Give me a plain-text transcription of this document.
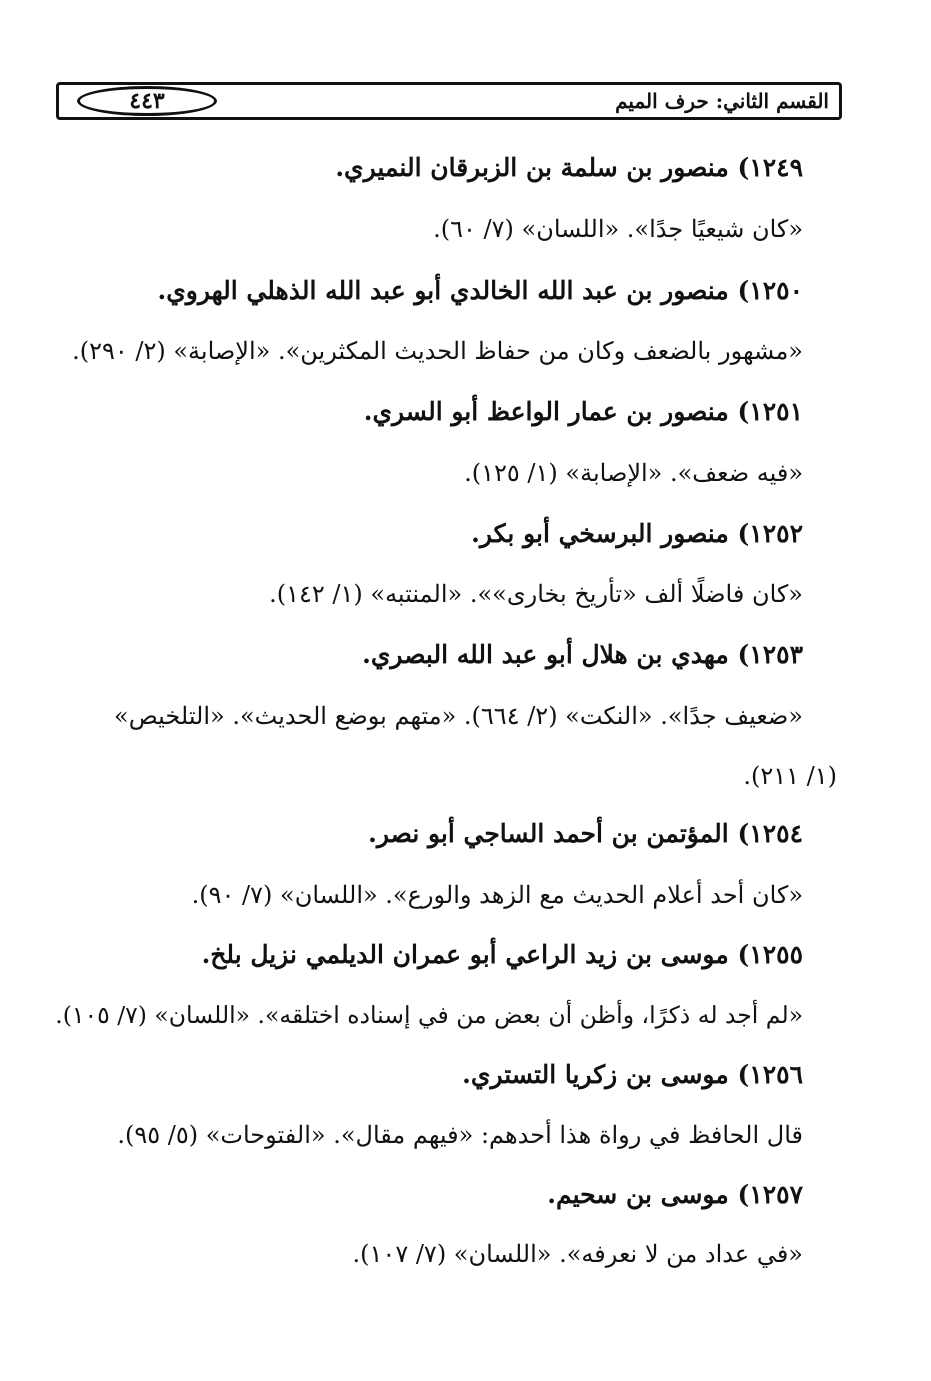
القسم الثاني: حرف الميم
٤٤٣
١٢٤٩) منصور بن سلمة بن الزبرقان النميري.
«كان شيعيًا جدًا». «اللسان» (٧/ ٦٠).
١٢٥٠) منصور بن عبد الله الخالدي أبو عبد الله الذهلي الهروي.
«مشهور بالضعف وكان من حفاظ الحديث المكثرين». «الإصابة» (٢/ ٢٩٠).
١٢٥١) منصور بن عمار الواعظ أبو السري.
«فيه ضعف». «الإصابة» (١/ ١٢٥).
١٢٥٢) منصور البرسخي أبو بكر.
«كان فاضلًا ألف «تأريخ بخارى»». «المنتبه» (١/ ١٤٢).
١٢٥٣) مهدي بن هلال أبو عبد الله البصري.
«ضعيف جدًا». «النكت» (٢/ ٦٦٤). «متهم بوضع الحديث». «التلخيص»
(١/ ٢١١).
١٢٥٤) المؤتمن بن أحمد الساجي أبو نصر.
«كان أحد أعلام الحديث مع الزهد والورع». «اللسان» (٧/ ٩٠).
١٢٥٥) موسى بن زيد الراعي أبو عمران الديلمي نزيل بلخ.
«لم أجد له ذكرًا، وأظن أن بعض من في إسناده اختلقه». «اللسان» (٧/ ١٠٥).
١٢٥٦) موسى بن زكريا التستري.
قال الحافظ في رواة هذا أحدهم: «فيهم مقال». «الفتوحات» (٥/ ٩٥).
١٢٥٧) موسى بن سحيم.
«في عداد من لا نعرفه». «اللسان» (٧/ ١٠٧).
